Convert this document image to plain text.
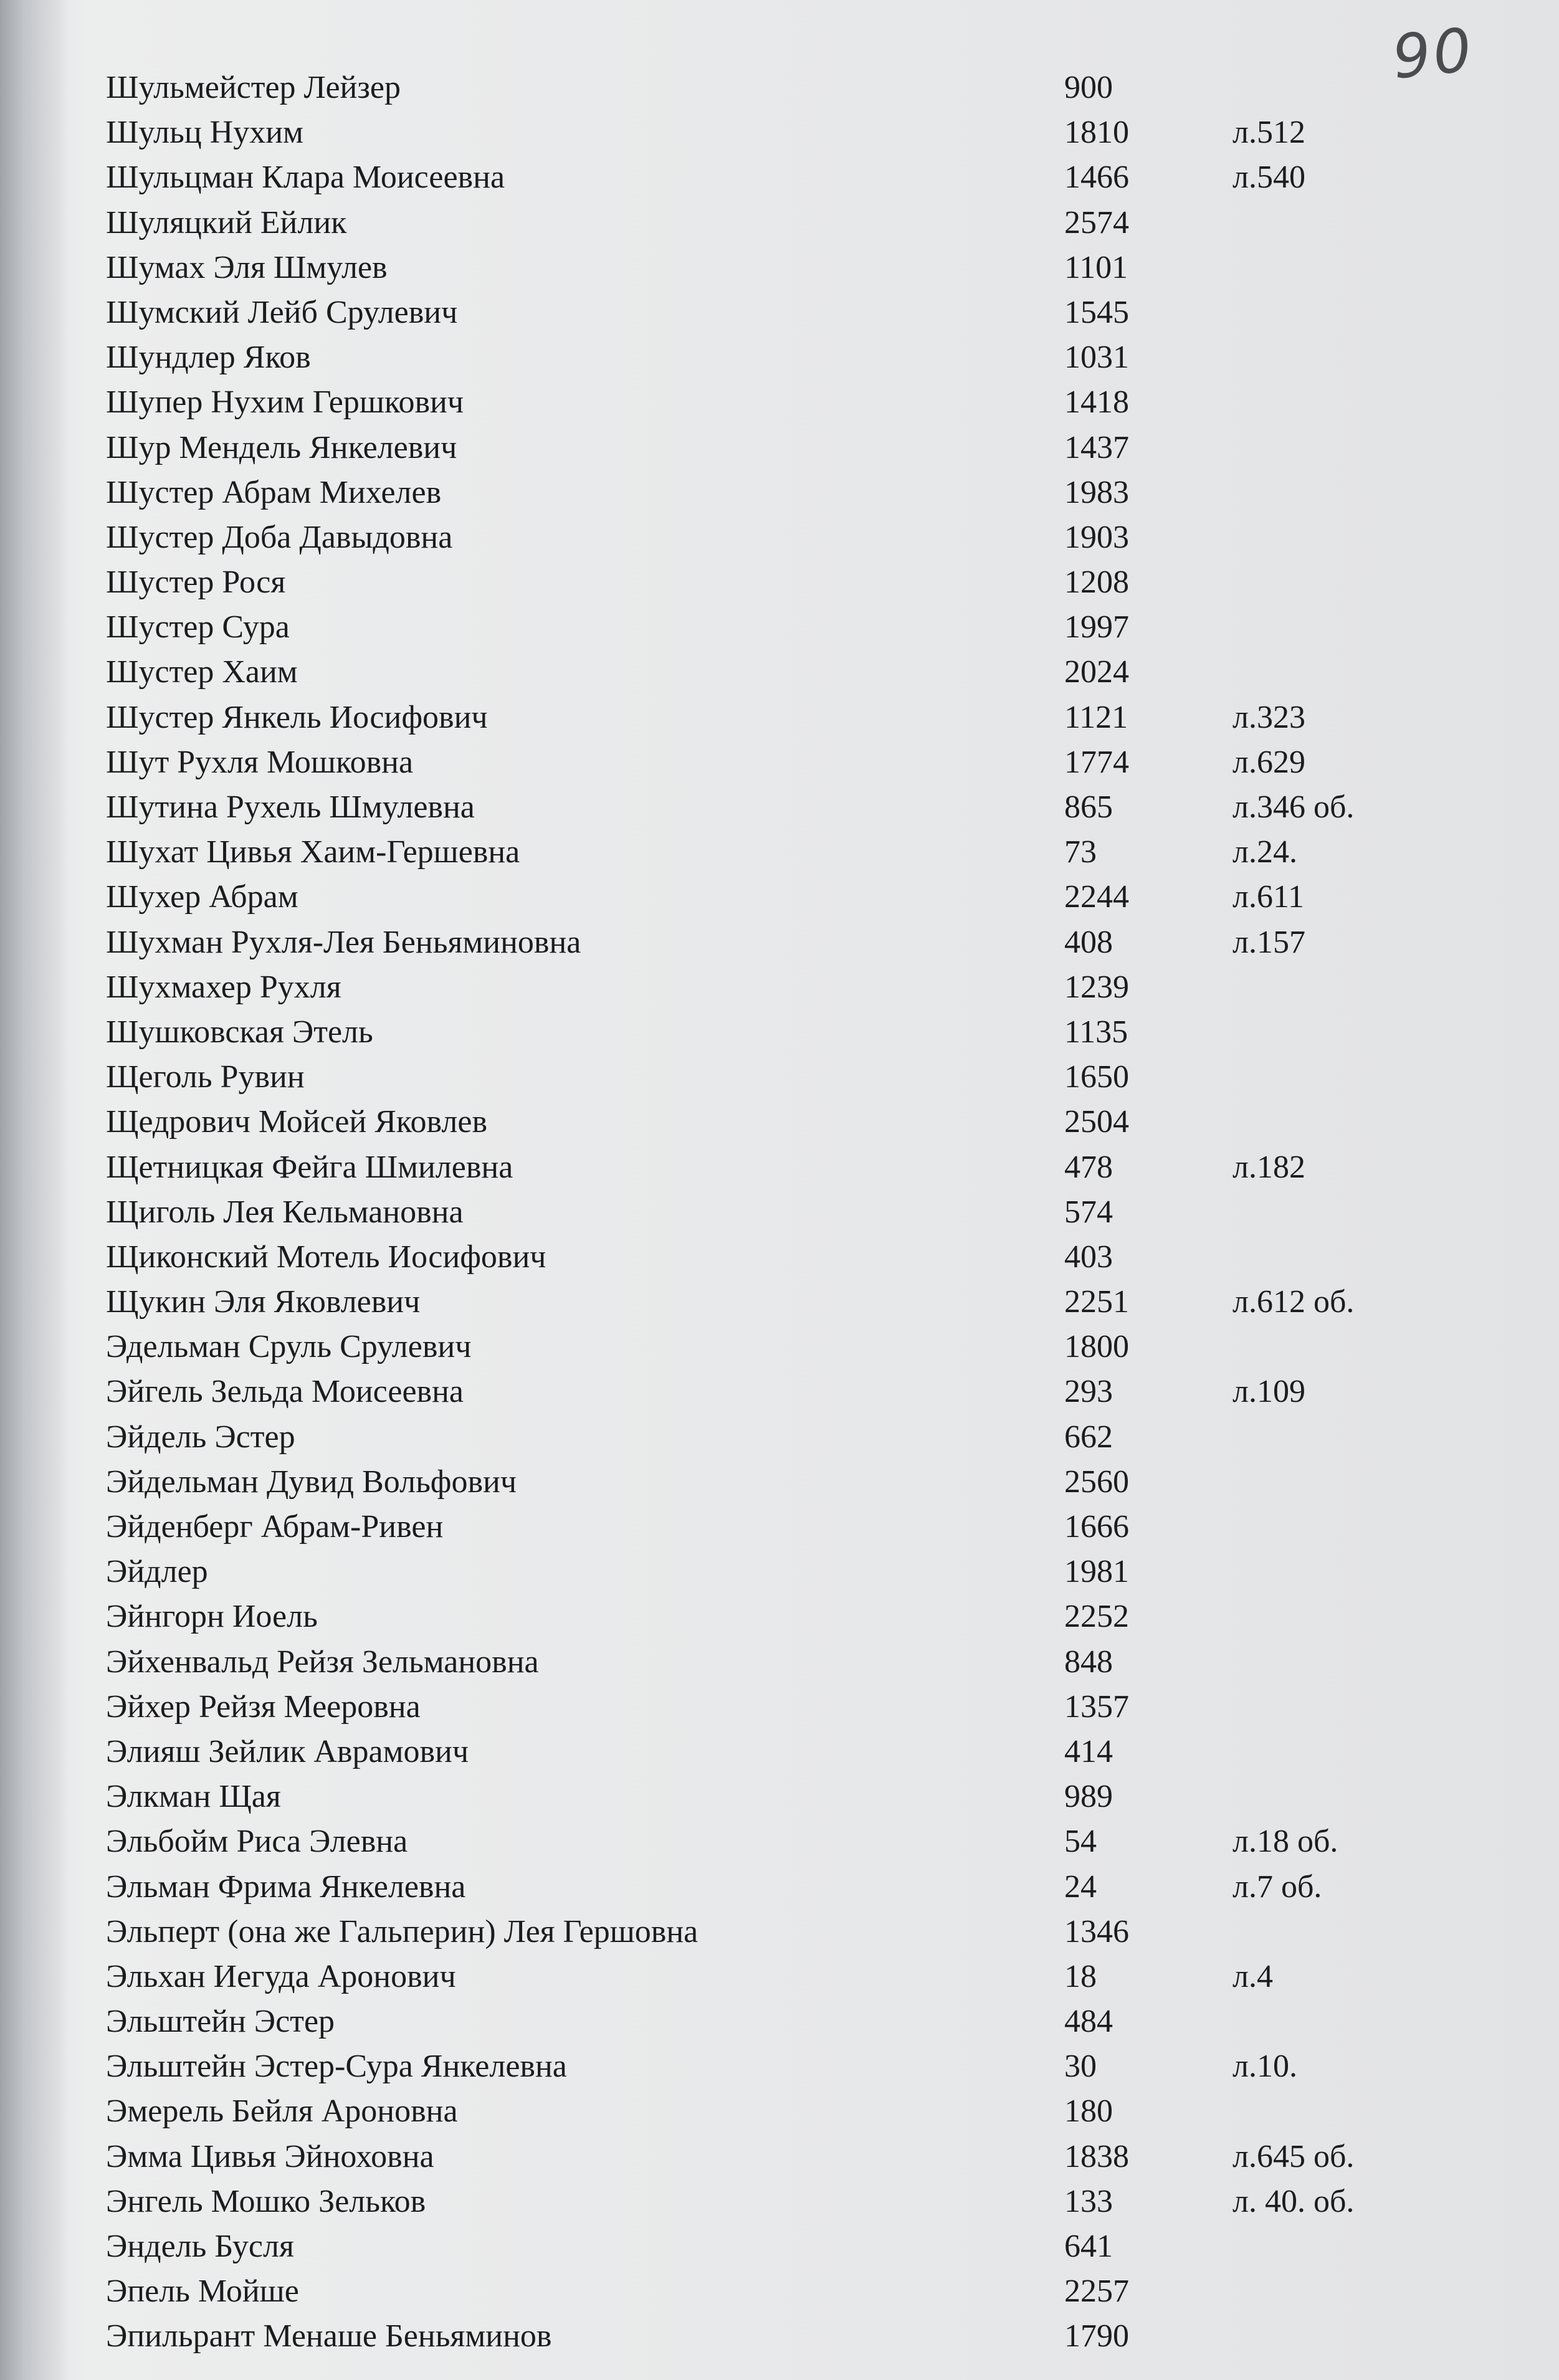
90
Шульмейстер Лейзер	900
Шульц Нухим	1810	л.512
Шульцман Клара Моисеевна	1466	л.540
Шуляцкий Ейлик	2574
Шумах Эля Шмулев	1101
Шумский Лейб Срулевич	1545
Шундлер Яков	1031
Шупер Нухим Гершкович	1418
Шур Мендель Янкелевич	1437
Шустер Абрам Михелев	1983
Шустер Доба Давыдовна	1903
Шустер Рося	1208
Шустер Сура	1997
Шустер Хаим	2024
Шустер Янкель Иосифович	1121	л.323
Шут Рухля Мошковна	1774	л.629
Шутина Рухель Шмулевна	865	л.346 об.
Шухат Цивья Хаим-Гершевна	73	л.24.
Шухер Абрам	2244	л.611
Шухман Рухля-Лея Беньяминовна	408	л.157
Шухмахер Рухля	1239
Шушковская Этель	1135
Щеголь Рувин	1650
Щедрович Мойсей Яковлев	2504
Щетницкая Фейга Шмилевна	478	л.182
Щиголь Лея Кельмановна	574
Щиконский Мотель Иосифович	403
Щукин Эля Яковлевич	2251	л.612 об.
Эдельман Сруль Срулевич	1800
Эйгель Зельда Моисеевна	293	л.109
Эйдель Эстер	662
Эйдельман Дувид Вольфович	2560
Эйденберг Абрам-Ривен	1666
Эйдлер	1981
Эйнгорн Иоель	2252
Эйхенвальд Рейзя Зельмановна	848
Эйхер Рейзя Мееровна	1357
Элияш Зейлик Аврамович	414
Элкман Щая	989
Эльбойм Риса Элевна	54	л.18 об.
Эльман Фрима Янкелевна	24	л.7 об.
Эльперт (она же Гальперин) Лея Гершовна	1346
Эльхан Иегуда Аронович	18	л.4
Эльштейн Эстер	484
Эльштейн Эстер-Сура Янкелевна	30	л.10.
Эмерель Бейля Ароновна	180
Эмма Цивья Эйноховна	1838	л.645 об.
Энгель Мошко Зельков	133	л. 40. об.
Эндель Бусля	641
Эпель Мойше	2257
Эпильрант Менаше Беньяминов	1790
